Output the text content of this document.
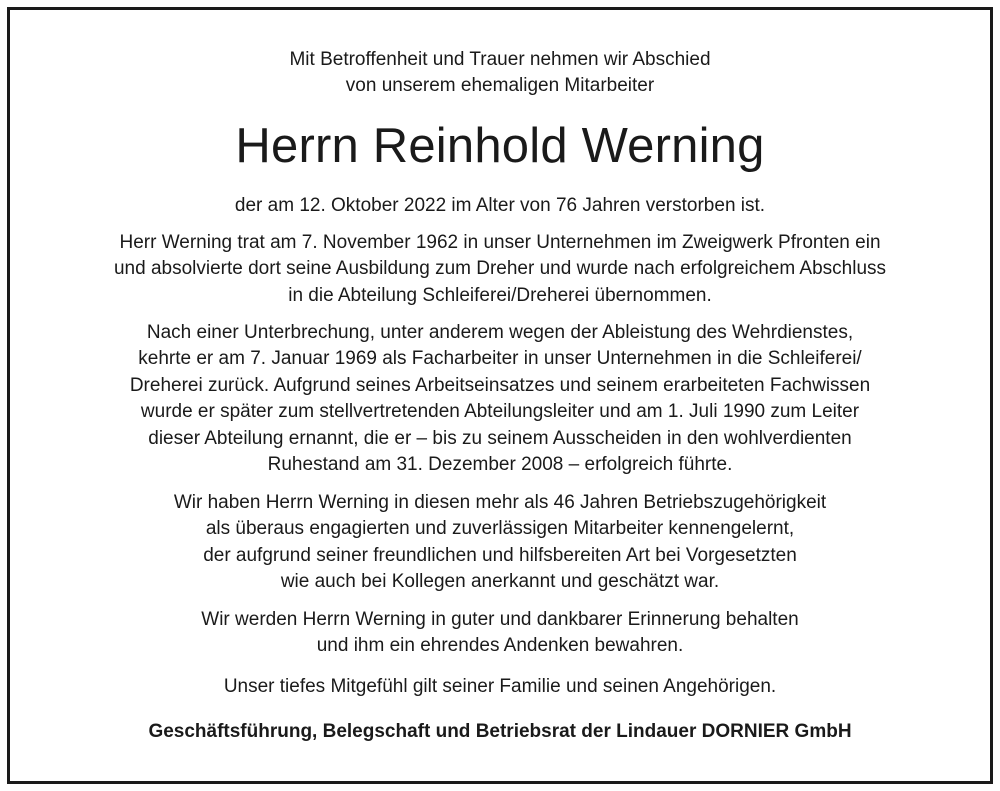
Mit Betroffenheit und Trauer nehmen wir Abschied
von unserem ehemaligen Mitarbeiter
Herrn Reinhold Werning
der am 12. Oktober 2022 im Alter von 76 Jahren verstorben ist.
Herr Werning trat am 7. November 1962 in unser Unternehmen im Zweigwerk Pfronten ein
und absolvierte dort seine Ausbildung zum Dreher und wurde nach erfolgreichem Abschluss
in die Abteilung Schleiferei/Dreherei übernommen.
Nach einer Unterbrechung, unter anderem wegen der Ableistung des Wehrdienstes,
kehrte er am 7. Januar 1969 als Facharbeiter in unser Unternehmen in die Schleiferei/
Dreherei zurück. Aufgrund seines Arbeitseinsatzes und seinem erarbeiteten Fachwissen
wurde er später zum stellvertretenden Abteilungsleiter und am 1. Juli 1990 zum Leiter
dieser Abteilung ernannt, die er – bis zu seinem Ausscheiden in den wohlverdienten
Ruhestand am 31. Dezember 2008 – erfolgreich führte.
Wir haben Herrn Werning in diesen mehr als 46 Jahren Betriebszugehörigkeit
als überaus engagierten und zuverlässigen Mitarbeiter kennengelernt,
der aufgrund seiner freundlichen und hilfsbereiten Art bei Vorgesetzten
wie auch bei Kollegen anerkannt und geschätzt war.
Wir werden Herrn Werning in guter und dankbarer Erinnerung behalten
und ihm ein ehrendes Andenken bewahren.
Unser tiefes Mitgefühl gilt seiner Familie und seinen Angehörigen.
Geschäftsführung, Belegschaft und Betriebsrat der Lindauer DORNIER GmbH
